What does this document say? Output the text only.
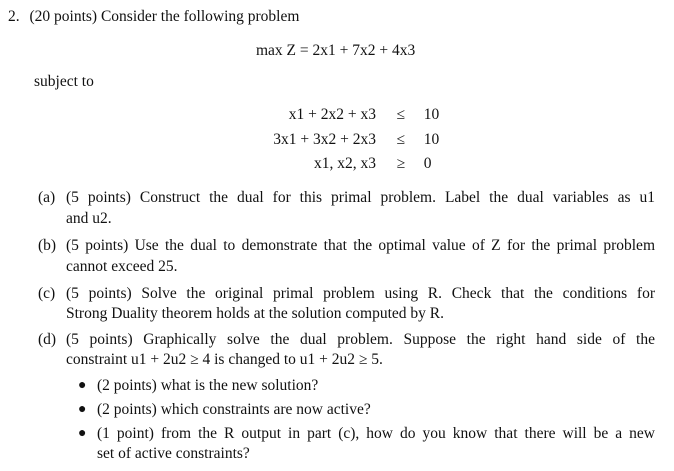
2. (20 points) Consider the following problem
max Z = 2x1 + 7x2 + 4x3
subject to
x1 + 2x2 + x3 ≤ 10
3x1 + 3x2 + 2x3 ≤ 10
x1, x2, x3 ≥ 0
(a) (5 points) Construct the dual for this primal problem. Label the dual variables as u1
and u2.
(b) (5 points) Use the dual to demonstrate that the optimal value of Z for the primal problem
cannot exceed 25.
(c) (5 points) Solve the original primal problem using R. Check that the conditions for
Strong Duality theorem holds at the solution computed by R.
(d) (5 points) Graphically solve the dual problem. Suppose the right hand side of the
constraint u1 + 2u2 ≥ 4 is changed to u1 + 2u2 ≥ 5.
● (2 points) what is the new solution?
● (2 points) which constraints are now active?
● (1 point) from the R output in part (c), how do you know that there will be a new
set of active constraints?
